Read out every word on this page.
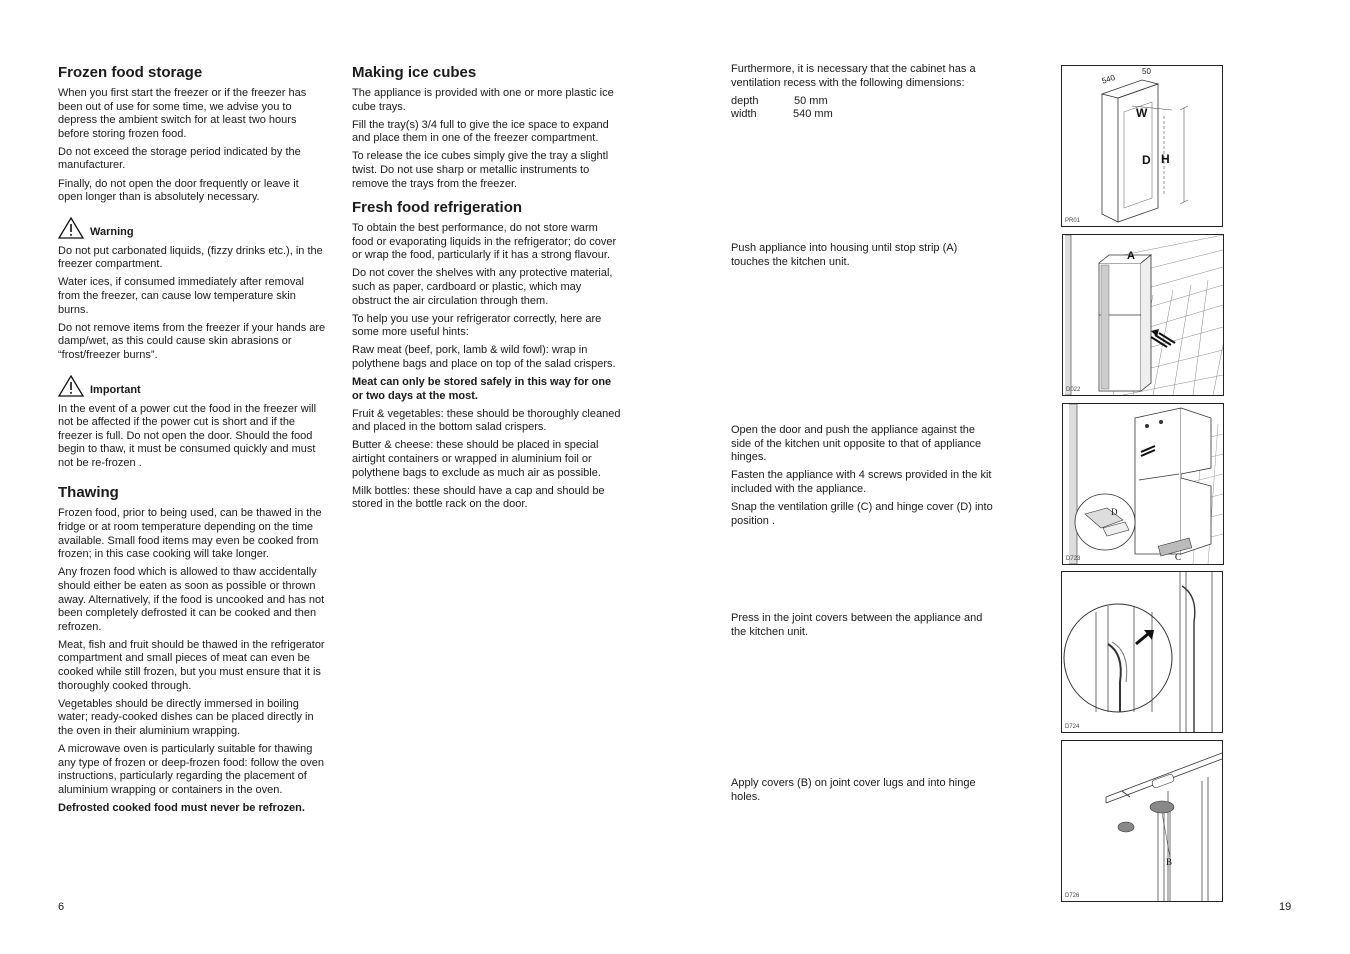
Frozen food storage

When you first start the freezer or if the freezer has been out of use for some time, we advise you to depress the ambient switch for at least two hours before storing frozen food.

Do not exceed the storage period indicated by the manufacturer.

Finally, do not open the door frequently or leave it open longer than is absolutely necessary.

Warning

Do not put carbonated liquids, (fizzy drinks etc.), in the freezer compartment.

Water ices, if consumed immediately after removal from the freezer, can cause low temperature skin burns.

Do not remove items from the freezer if your hands are damp/wet, as this could cause skin abrasions or “frost/freezer burns”.

Important

In the event of a power cut the food in the freezer will not be affected if the power cut is short and if the freezer is full. Do not open the door. Should the food begin to thaw, it must be consumed quickly and must not be re-frozen .

Thawing

Frozen food, prior to being used, can be thawed in the fridge or at room temperature depending on the time available. Small food items may even be cooked from frozen; in this case cooking will take longer.

Any frozen food which is allowed to thaw accidentally should either be eaten as soon as possible or thrown away. Alternatively, if the food is uncooked and has not been completely defrosted it can be cooked and then refrozen.

Meat, fish and fruit should be thawed in the refrigerator compartment and small pieces of meat can even be cooked while still frozen, but you must ensure that it is thoroughly cooked through.

Vegetables should be directly immersed in boiling water; ready-cooked dishes can be placed directly in the oven in their aluminium wrapping.

A microwave oven is particularly suitable for thawing any type of frozen or deep-frozen food: follow the oven instructions, particularly regarding the placement of aluminium wrapping or containers in the oven.

Defrosted cooked food must never be refrozen.

6
Making ice cubes

The appliance is provided with one or more plastic ice cube trays.

Fill the tray(s) 3/4 full to give the ice space to expand and place them in one of the freezer compartment.

To release the ice cubes simply give the tray a slightl twist. Do not use sharp or metallic instruments to remove the trays from the freezer.

Fresh food refrigeration

To obtain the best performance, do not store warm food or evaporating liquids in the refrigerator; do cover or wrap the food, particularly if it has a strong flavour.

Do not cover the shelves with any protective material, such as paper, cardboard or plastic, which may obstruct the air circulation through them.

To help you use your refrigerator correctly, here are some more useful hints:

Raw meat (beef, pork, lamb & wild fowl): wrap in polythene bags and place on top of the salad crispers.

Meat can only be stored safely in this way for one or two days at the most.

Fruit & vegetables: these should be thoroughly cleaned and placed in the bottom salad crispers.

Butter & cheese: these should be placed in special airtight containers or wrapped in aluminium foil or polythene bags to exclude as much air as possible.

Milk bottles: these should have a cap and should be stored in the bottle rack on the door.

Furthermore, it is necessary that the cabinet has a ventilation recess with the following dimensions:

depth	50 mm
width	540 mm

Push appliance into housing until stop strip (A) touches the kitchen unit.

Open the door and push the appliance against the side of the kitchen unit opposite to that of appliance hinges.

Fasten the appliance with 4 screws provided in the kit included with the appliance.

Snap the ventilation grille (C) and hinge cover (D) into position .

Press in the joint covers between the appliance and the kitchen unit.

Apply covers (B) on joint cover lugs and into hinge holes.

19
540
50
W
D H
PR01
A
D022
D
C
D723
D724
B
D726
